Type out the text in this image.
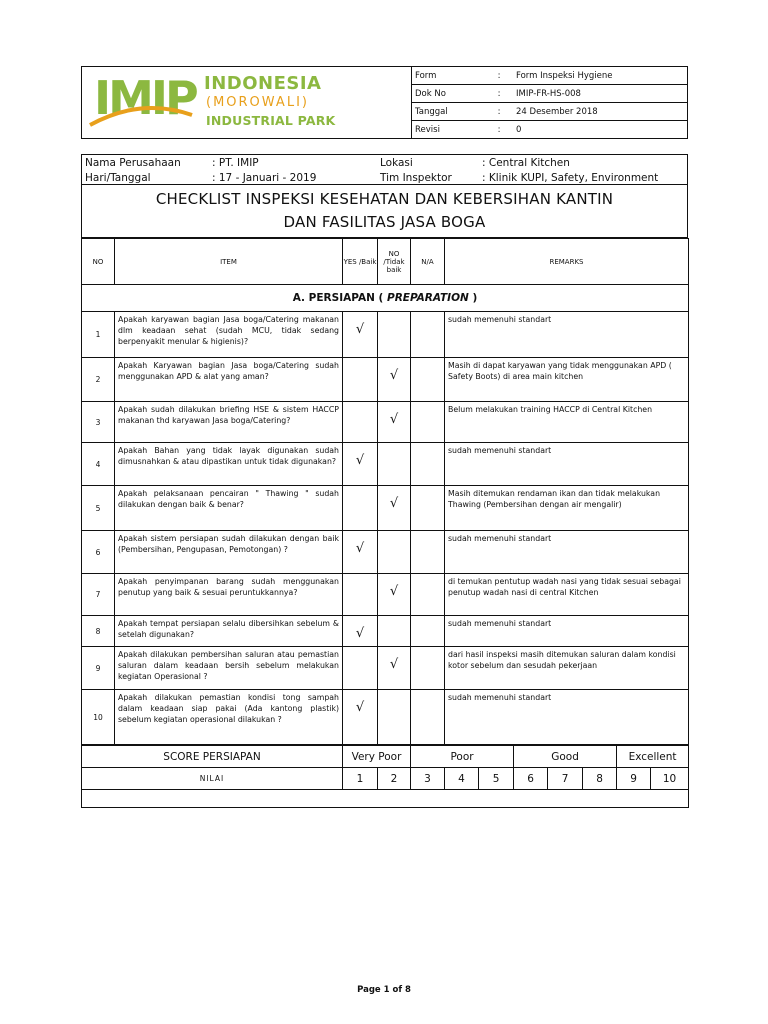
IMIP INDONESIA
(MOROWALI)
INDUSTRIAL PARK
Form	:	Form Inspeksi Hygiene
Dok No	:	IMIP-FR-HS-008
Tanggal	:	24 Desember 2018
Revisi	:	0
Nama Perusahaan	: PT. IMIP
Hari/Tanggal	: 17 - Januari - 2019
Lokasi	: Central Kitchen
Tim Inspektor	: Klinik KUPI, Safety, Environment
CHECKLIST INSPEKSI KESEHATAN DAN KEBERSIHAN KANTIN
DAN FASILITAS JASA BOGA
NO	ITEM	YES /Baik	NO /Tidak baik	N/A	REMARKS
A. PERSIAPAN ( PREPARATION )					
1	Apakah karyawan bagian Jasa boga/Catering makanan dlm keadaan sehat (sudah MCU, tidak sedang berpenyakit menular & higienis)?	√			sudah memenuhi standart
2	Apakah Karyawan bagian Jasa boga/Catering sudah menggunakan APD & alat yang aman?		√		Masih di dapat karyawan yang tidak menggunakan APD ( Safety Boots) di area main kitchen
3	Apakah sudah dilakukan briefing HSE & sistem HACCP makanan thd karyawan Jasa boga/Catering?		√		Belum melakukan training HACCP di Central Kitchen
4	Apakah Bahan yang tidak layak digunakan sudah dimusnahkan & atau dipastikan untuk tidak digunakan?	√			sudah memenuhi standart
5	Apakah pelaksanaan pencairan " Thawing " sudah dilakukan dengan baik & benar?		√		Masih ditemukan rendaman ikan dan tidak melakukan Thawing (Pembersihan dengan air mengalir)
6	Apakah sistem persiapan sudah dilakukan dengan baik (Pembersihan, Pengupasan, Pemotongan) ?	√			sudah memenuhi standart
7	Apakah penyimpanan barang sudah menggunakan penutup yang baik & sesuai peruntukkannya?		√		di temukan pentutup wadah nasi yang tidak sesuai sebagai penutup wadah nasi di central Kitchen
8	Apakah tempat persiapan selalu dibersihkan sebelum & setelah digunakan?	√			sudah memenuhi standart
9	Apakah dilakukan pembersihan saluran atau pemastian saluran dalam keadaan bersih sebelum melakukan kegiatan Operasional ?		√		dari hasil inspeksi masih ditemukan saluran dalam kondisi kotor sebelum dan sesudah pekerjaan
10	Apakah dilakukan pemastian kondisi tong sampah dalam keadaan siap pakai (Ada kantong plastik) sebelum kegiatan operasional dilakukan ?	√			sudah memenuhi standart
SCORE PERSIAPAN	Very Poor		Poor			Good			Excellent	
NILAI	1	2	3	4	5	6	7	8	9	10

Page 1 of 8
